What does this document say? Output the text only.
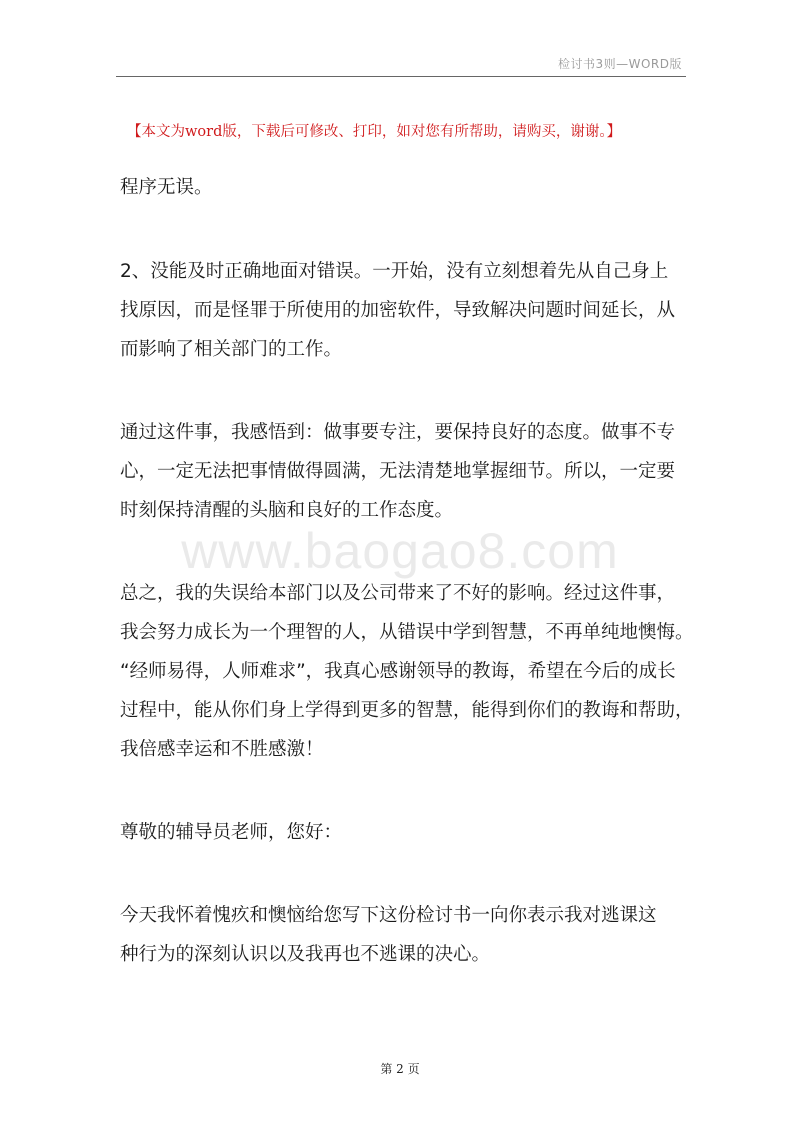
检讨书3则—WORD版
【本文为word版，下载后可修改、打印，如对您有所帮助，请购买，谢谢。】
www.baogao8.com
程序无误。
2、没能及时正确地面对错误。一开始，没有立刻想着先从自己身上
找原因，而是怪罪于所使用的加密软件，导致解决问题时间延长，从
而影响了相关部门的工作。
通过这件事，我感悟到：做事要专注，要保持良好的态度。做事不专
心，一定无法把事情做得圆满，无法清楚地掌握细节。所以，一定要
时刻保持清醒的头脑和良好的工作态度。
总之，我的失误给本部门以及公司带来了不好的影响。经过这件事，
我会努力成长为一个理智的人，从错误中学到智慧，不再单纯地懊悔。
“经师易得，人师难求”，我真心感谢领导的教诲，希望在今后的成长
过程中，能从你们身上学得到更多的智慧，能得到你们的教诲和帮助，
我倍感幸运和不胜感激！
尊敬的辅导员老师，您好：
今天我怀着愧疚和懊恼给您写下这份检讨书一向你表示我对逃课这
种行为的深刻认识以及我再也不逃课的决心。
第 2 页
